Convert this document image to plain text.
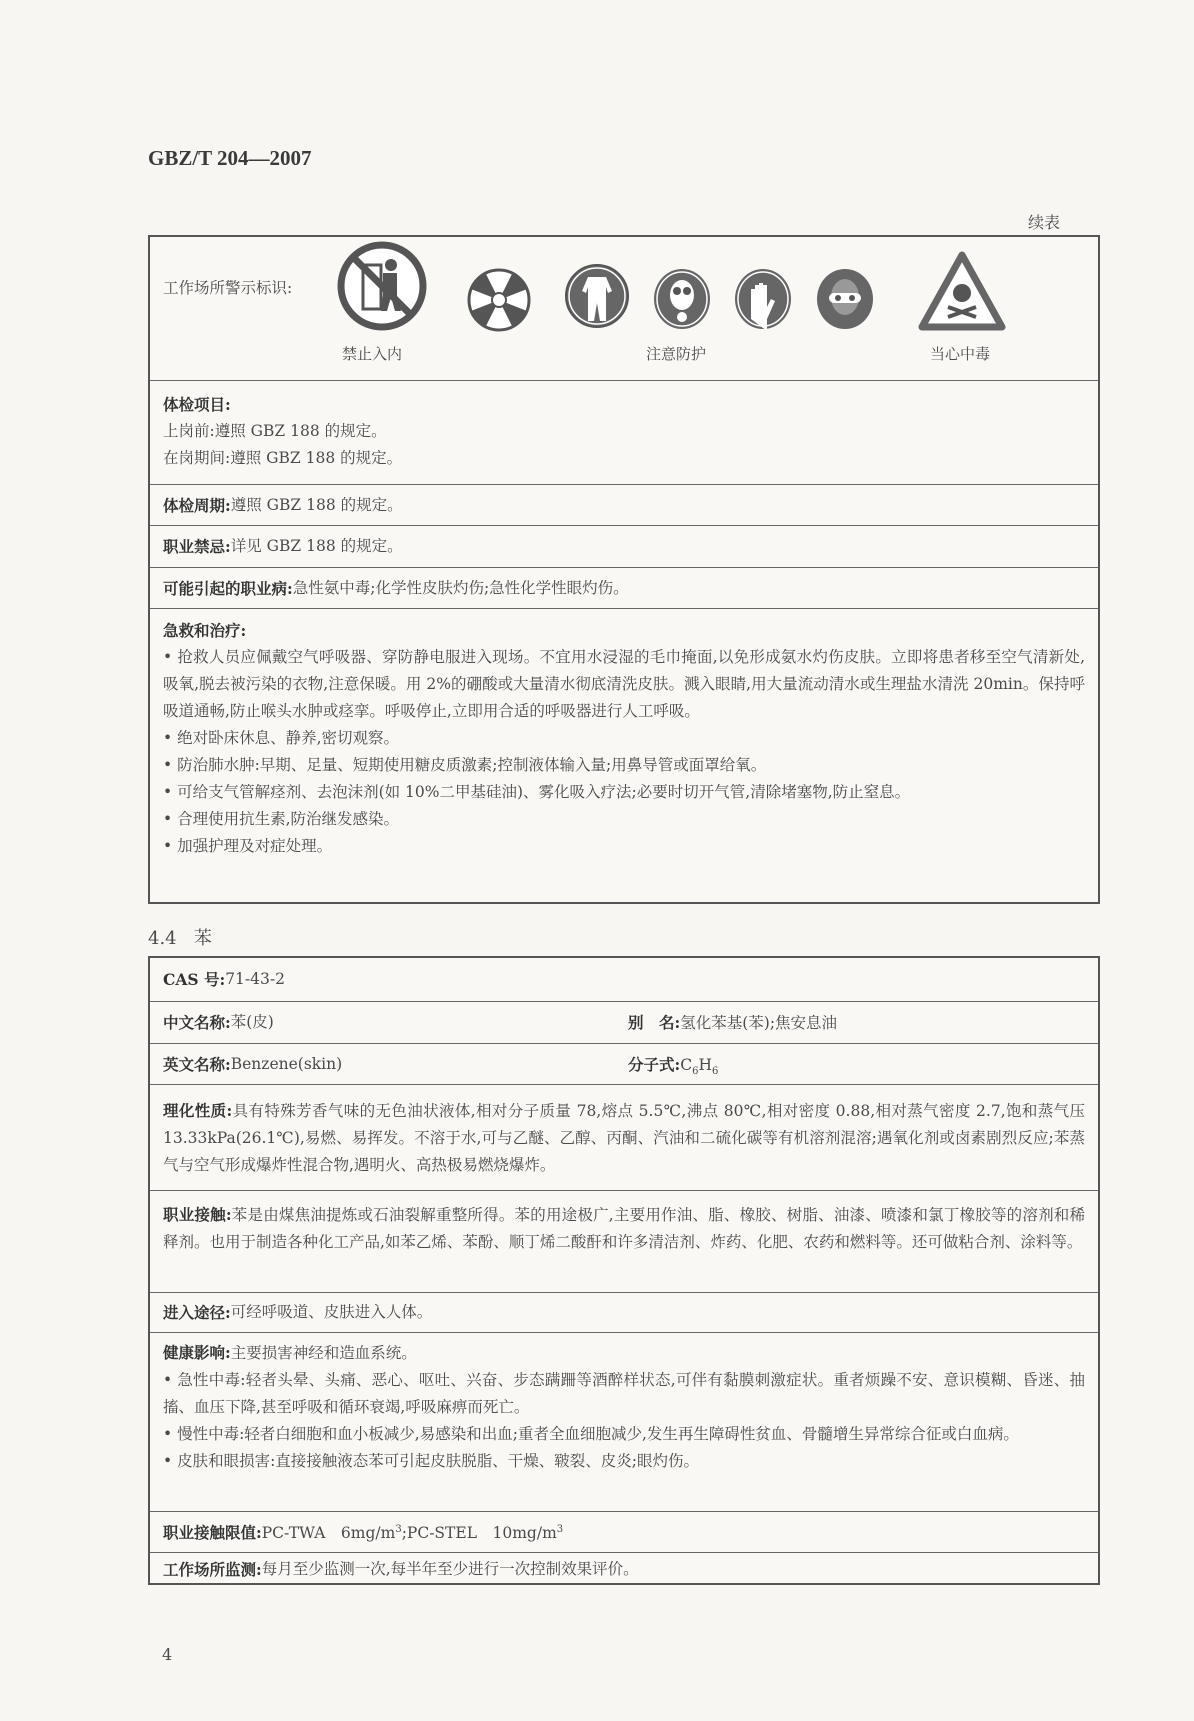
GBZ/T 204—2007
续表
工作场所警示标识:
禁止入内	注意防护	当心中毒
体检项目:
上岗前:遵照 GBZ 188 的规定。
在岗期间:遵照 GBZ 188 的规定。
体检周期: 遵照 GBZ 188 的规定。
职业禁忌: 详见 GBZ 188 的规定。
可能引起的职业病: 急性氨中毒;化学性皮肤灼伤;急性化学性眼灼伤。
急救和治疗:
• 抢救人员应佩戴空气呼吸器、穿防静电服进入现场。不宜用水浸湿的毛巾掩面,以免形成氨水灼伤皮肤。立即将患者移至空气清新处,吸氧,脱去被污染的衣物,注意保暖。用 2%的硼酸或大量清水彻底清洗皮肤。溅入眼睛,用大量流动清水或生理盐水清洗 20min。保持呼吸道通畅,防止喉头水肿或痉挛。呼吸停止,立即用合适的呼吸器进行人工呼吸。
• 绝对卧床休息、静养,密切观察。
• 防治肺水肿:早期、足量、短期使用糖皮质激素;控制液体输入量;用鼻导管或面罩给氧。
• 可给支气管解痉剂、去泡沫剂(如 10%二甲基硅油)、雾化吸入疗法;必要时切开气管,清除堵塞物,防止窒息。
• 合理使用抗生素,防治继发感染。
• 加强护理及对症处理。
4.4 苯
CAS 号: 71-43-2
中文名称: 苯(皮)	别　名:氢化苯基(苯);焦安息油
英文名称: Benzene(skin)	分子式$:C_6H_6$
理化性质:具有特殊芳香气味的无色油状液体,相对分子质量 78,熔点 5.5℃,沸点 80℃,相对密度 0.88,相对蒸气密度 2.7,饱和蒸气压 13.33kPa(26.1℃),易燃、易挥发。不溶于水,可与乙醚、乙醇、丙酮、汽油和二硫化碳等有机溶剂混溶;遇氧化剂或卤素剧烈反应;苯蒸气与空气形成爆炸性混合物,遇明火、高热极易燃烧爆炸。
职业接触:苯是由煤焦油提炼或石油裂解重整所得。苯的用途极广,主要用作油、脂、橡胶、树脂、油漆、喷漆和氯丁橡胶等的溶剂和稀释剂。也用于制造各种化工产品,如苯乙烯、苯酚、顺丁烯二酸酐和许多清洁剂、炸药、化肥、农药和燃料等。还可做粘合剂、涂料等。
进入途径: 可经呼吸道、皮肤进入人体。
健康影响:主要损害神经和造血系统。
• 急性中毒:轻者头晕、头痛、恶心、呕吐、兴奋、步态蹒跚等酒醉样状态,可伴有黏膜刺激症状。重者烦躁不安、意识模糊、昏迷、抽搐、血压下降,甚至呼吸和循环衰竭,呼吸麻痹而死亡。
• 慢性中毒:轻者白细胞和血小板减少,易感染和出血;重者全血细胞减少,发生再生障碍性贫血、骨髓增生异常综合征或白血病。
• 皮肤和眼损害:直接接触液态苯可引起皮肤脱脂、干燥、皲裂、皮炎;眼灼伤。
职业接触限值: PC-TWA　$6mg/m^3;PC$-STEL　$10mg/m^3$
工作场所监测: 每月至少监测一次,每半年至少进行一次控制效果评价。
4
